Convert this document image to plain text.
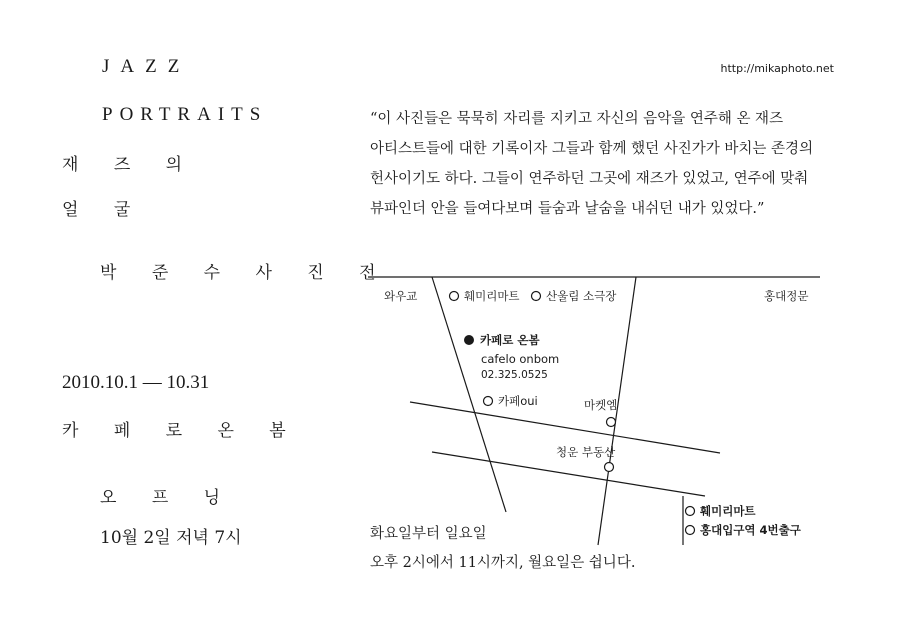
JAZZ
PORTRAITS
재 즈 의
얼 굴
박 준 수 사 진 전
2010.10.1 — 10.31
카 페 로 온 봄
오 프 닝
10월 2일 저녁 7시
http://mikaphoto.net
“이 사진들은 묵묵히 자리를 지키고 자신의 음악을 연주해 온 재즈
아티스트들에 대한 기록이자 그들과 함께 했던 사진가가 바치는 존경의
헌사이기도 하다. 그들이 연주하던 그곳에 재즈가 있었고, 연주에 맞춰
뷰파인더 안을 들여다보며 들숨과 날숨을 내쉬던 내가 있었다.”
와우교	훼미리마트 산울림 소극장	홍대정문
카페로 온봄
cafelo onbom
02.325.0525
카페oui	마켓엠
청운 부동산
훼미리마트
홍대입구역 4번출구
화요일부터 일요일
오후 2시에서 11시까지, 월요일은 쉽니다.
